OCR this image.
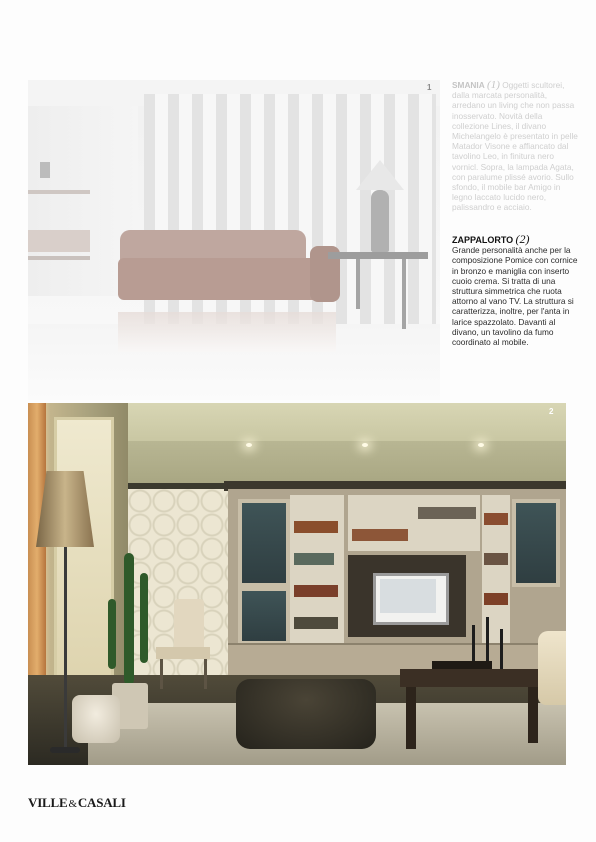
1 SMANIA (1) Oggetti scultorei, dalla marcata personalità, arredano un living che non passa inosservato. Novità della collezione Lines, il divano Michelangelo è presentato in pelle Matador Visone e affiancato dal tavolino Leo, in finitura nero vornicl. Sopra, la lampada Agata, con paralume plissé avorio. Sullo sfondo, il mobile bar Amigo in legno laccato lucido nero, palissandro e acciaio.
ZAPPALORTO (2)
Grande personalità anche per la composizione Pomice con cornice in bronzo e maniglia con inserto cuoio crema. Si tratta di una struttura simmetrica che ruota attorno al vano TV. La struttura si caratterizza, inoltre, per l'anta in larice spazzolato. Davanti al divano, un tavolino da fumo coordinato al mobile.
2
VILLE&CASALI
